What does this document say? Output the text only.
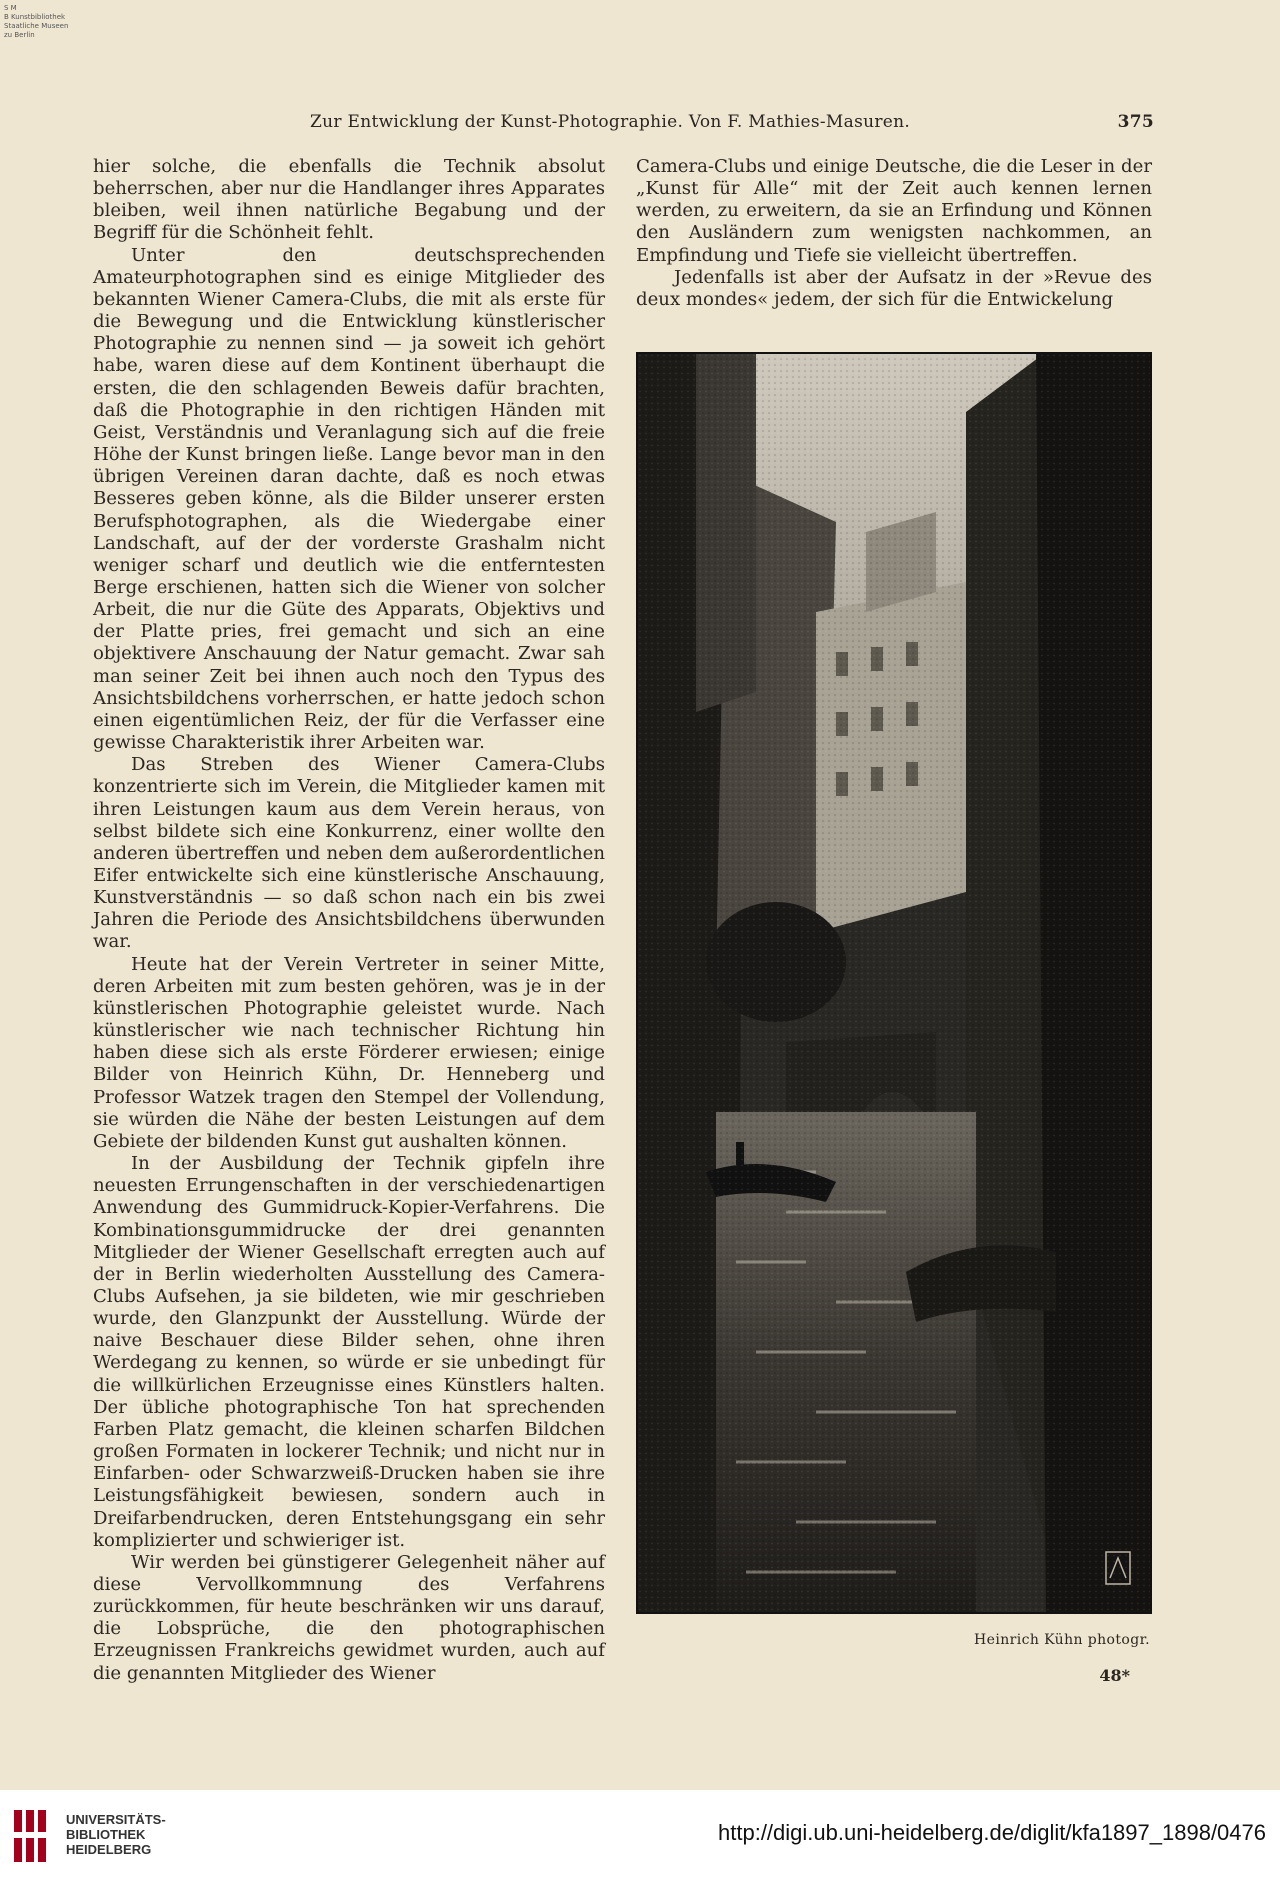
S M
B Kunstbibliothek
Staatliche Museen
zu Berlin
Zur Entwicklung der Kunst-Photographie. Von F. Mathies-Masuren.	375

hier solche, die ebenfalls die Technik absolut beherrschen, aber nur die Handlanger ihres Apparates bleiben, weil ihnen natürliche Begabung und der Begriff für die Schönheit fehlt.

Unter den deutschsprechenden Amateurphotographen sind es einige Mitglieder des bekannten Wiener Camera-Clubs, die mit als erste für die Bewegung und die Entwicklung künstlerischer Photographie zu nennen sind — ja soweit ich gehört habe, waren diese auf dem Kontinent überhaupt die ersten, die den schlagenden Beweis dafür brachten, daß die Photographie in den richtigen Händen mit Geist, Verständnis und Veranlagung sich auf die freie Höhe der Kunst bringen ließe. Lange bevor man in den übrigen Vereinen daran dachte, daß es noch etwas Besseres geben könne, als die Bilder unserer ersten Berufsphotographen, als die Wiedergabe einer Landschaft, auf der der vorderste Grashalm nicht weniger scharf und deutlich wie die entferntesten Berge erschienen, hatten sich die Wiener von solcher Arbeit, die nur die Güte des Apparats, Objektivs und der Platte pries, frei gemacht und sich an eine objektivere Anschauung der Natur gemacht. Zwar sah man seiner Zeit bei ihnen auch noch den Typus des Ansichtsbildchens vorherrschen, er hatte jedoch schon einen eigentümlichen Reiz, der für die Verfasser eine gewisse Charakteristik ihrer Arbeiten war.

Das Streben des Wiener Camera-Clubs konzentrierte sich im Verein, die Mitglieder kamen mit ihren Leistungen kaum aus dem Verein heraus, von selbst bildete sich eine Konkurrenz, einer wollte den anderen übertreffen und neben dem außerordentlichen Eifer entwickelte sich eine künstlerische Anschauung, Kunstverständnis — so daß schon nach ein bis zwei Jahren die Periode des Ansichtsbildchens überwunden war.

Heute hat der Verein Vertreter in seiner Mitte, deren Arbeiten mit zum besten gehören, was je in der künstlerischen Photographie geleistet wurde. Nach künstlerischer wie nach technischer Richtung hin haben diese sich als erste Förderer erwiesen; einige Bilder von Heinrich Kühn, Dr. Henneberg und Professor Watzek tragen den Stempel der Vollendung, sie würden die Nähe der besten Leistungen auf dem Gebiete der bildenden Kunst gut aushalten können.

In der Ausbildung der Technik gipfeln ihre neuesten Errungenschaften in der verschiedenartigen Anwendung des Gummidruck-Kopier-Verfahrens. Die Kombinationsgummidrucke der drei genannten Mitglieder der Wiener Gesellschaft erregten auch auf der in Berlin wiederholten Ausstellung des Camera-Clubs Aufsehen, ja sie bildeten, wie mir geschrieben wurde, den Glanzpunkt der Ausstellung. Würde der naive Beschauer diese Bilder sehen, ohne ihren Werdegang zu kennen, so würde er sie unbedingt für die willkürlichen Erzeugnisse eines Künstlers halten. Der übliche photographische Ton hat sprechenden Farben Platz gemacht, die kleinen scharfen Bildchen großen Formaten in lockerer Technik; und nicht nur in Einfarben- oder Schwarzweiß-Drucken haben sie ihre Leistungsfähigkeit bewiesen, sondern auch in Dreifarbendrucken, deren Entstehungsgang ein sehr komplizierter und schwieriger ist.

Wir werden bei günstigerer Gelegenheit näher auf diese Vervollkommnung des Verfahrens zurückkommen, für heute beschränken wir uns darauf, die Lobsprüche, die den photographischen Erzeugnissen Frankreichs gewidmet wurden, auch auf die genannten Mitglieder des Wiener

Camera-Clubs und einige Deutsche, die die Leser in der „Kunst für Alle“ mit der Zeit auch kennen lernen werden, zu erweitern, da sie an Erfindung und Können den Ausländern zum wenigsten nachkommen, an Empfindung und Tiefe sie vielleicht übertreffen.

Jedenfalls ist aber der Aufsatz in der »Revue des deux mondes« jedem, der sich für die Entwickelung

Heinrich Kühn photogr.
48*
UNIVERSITÄTS-
BIBLIOTHEK
HEIDELBERG
http://digi.ub.uni-heidelberg.de/diglit/kfa1897_1898/0476
